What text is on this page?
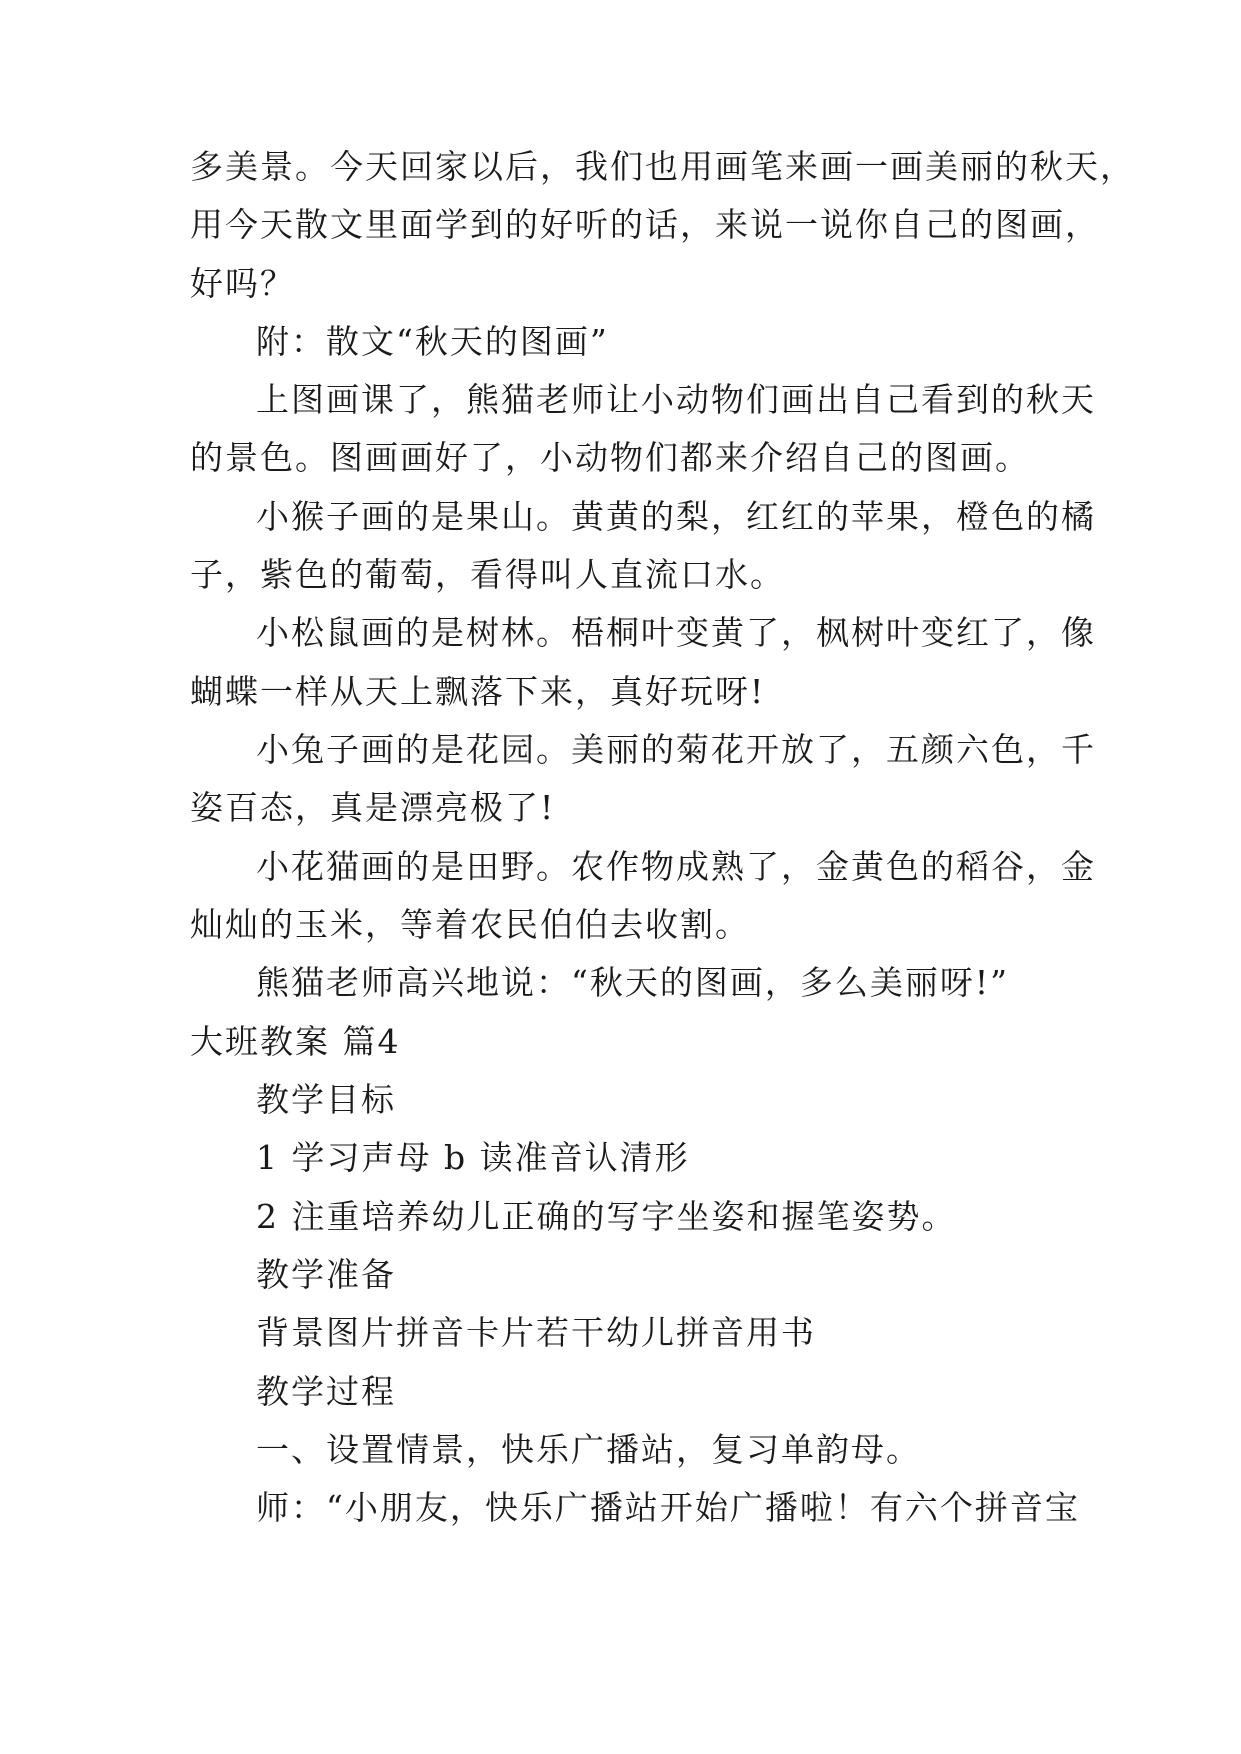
多美景。今天回家以后，我们也用画笔来画一画美丽的秋天，
用今天散文里面学到的好听的话，来说一说你自己的图画，
好吗？
附：散文“秋天的图画”
上图画课了，熊猫老师让小动物们画出自己看到的秋天
的景色。图画画好了，小动物们都来介绍自己的图画。
小猴子画的是果山。黄黄的梨，红红的苹果，橙色的橘
子，紫色的葡萄，看得叫人直流口水。
小松鼠画的是树林。梧桐叶变黄了，枫树叶变红了，像
蝴蝶一样从天上飘落下来，真好玩呀!
小兔子画的是花园。美丽的菊花开放了，五颜六色，千
姿百态，真是漂亮极了!
小花猫画的是田野。农作物成熟了，金黄色的稻谷，金
灿灿的玉米，等着农民伯伯去收割。
熊猫老师高兴地说：“秋天的图画，多么美丽呀!”
大班教案 篇4
教学目标
1 学习声母 b 读准音认清形
2 注重培养幼儿正确的写字坐姿和握笔姿势。
教学准备
背景图片拼音卡片若干幼儿拼音用书
教学过程
一、设置情景，快乐广播站，复习单韵母。
师：“小朋友，快乐广播站开始广播啦！有六个拼音宝
